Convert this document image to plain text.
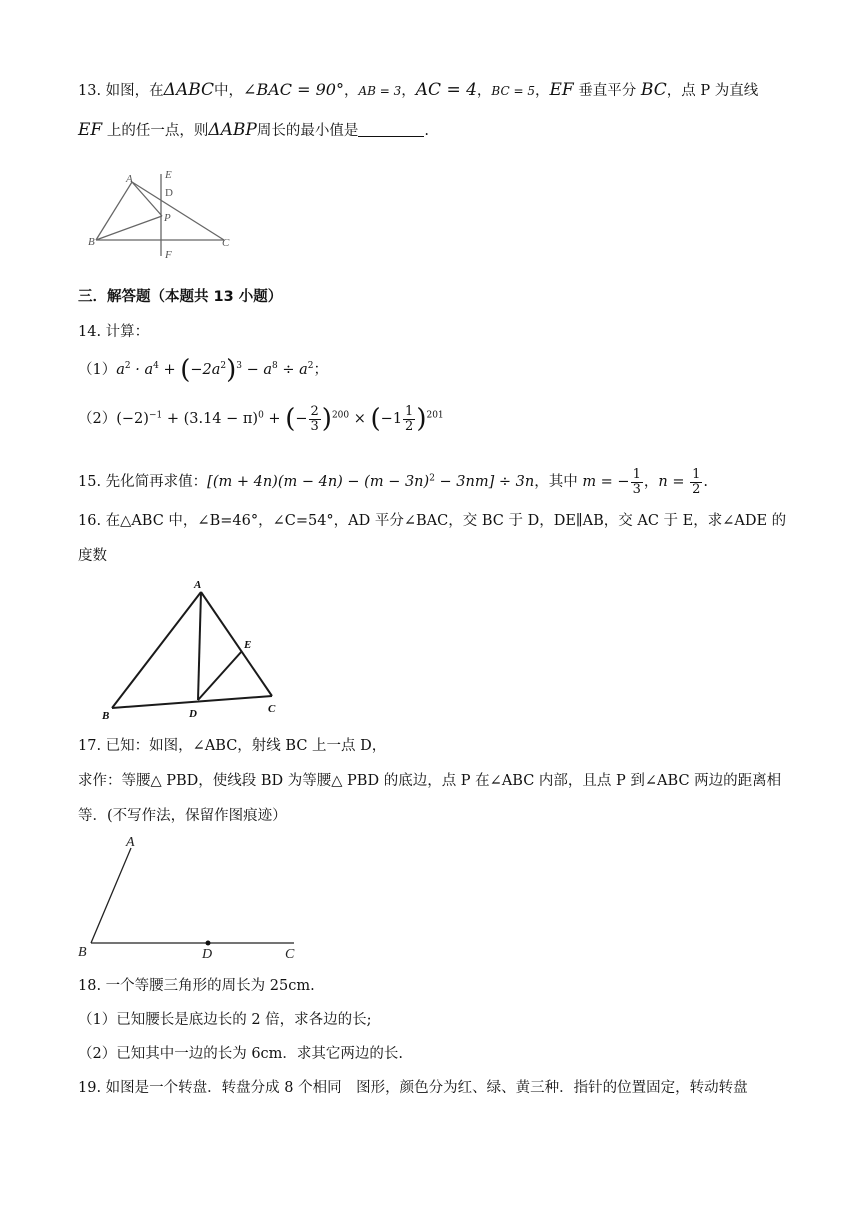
13. 如图，在ΔABC中，∠BAC = 90°，AB = 3，AC = 4，BC = 5，EF 垂直平分 BC，点 P 为直线
EF 上的任一点，则ΔABP周长的最小值是	.
A	E
D
P
B
F
C
三．解答题（本题共 13 小题）
14. 计算：
$(1)a^2 \cdot a^4 + (-2a^2)^3 - a^8 \div a^2$；
$(2)(-2)^{-1} + (3.14 - \pi)^0$ + (− $\frac{2}{3} )^{200} \times (-1 \frac{1}{2} )^{201}$
15. 先化简再求值：$[(m + 4n)(m - 4n) - (m - 3n)^2 - 3nm] \div 3n$，其中 m = − $\frac{1}{3}$ ，$n = \frac{1}{2}$ .
16. 在△ABC 中，∠B=46°，∠C=54°，AD 平分∠BAC，交 BC 于 D，DE∥AB，交 AC 于 E，求∠ADE 的
度数
A
E
B	D	C
17. 已知：如图，∠ABC，射线 BC 上一点 D，
求作：等腰△ PBD，使线段 BD 为等腰△ PBD 的底边，点 P 在∠ABC 内部，且点 P 到∠ABC 两边的距离相
等．(不写作法，保留作图痕迹）
A
B	D	C
18. 一个等腰三角形的周长为 25cm.
（1）已知腰长是底边长的 2 倍，求各边的长;
（2）已知其中一边的长为 6cm．求其它两边的长.
19. 如图是一个转盘．转盘分成 8 个相同　图形，颜色分为红、绿、黄三种．指针的位置固定，转动转盘
